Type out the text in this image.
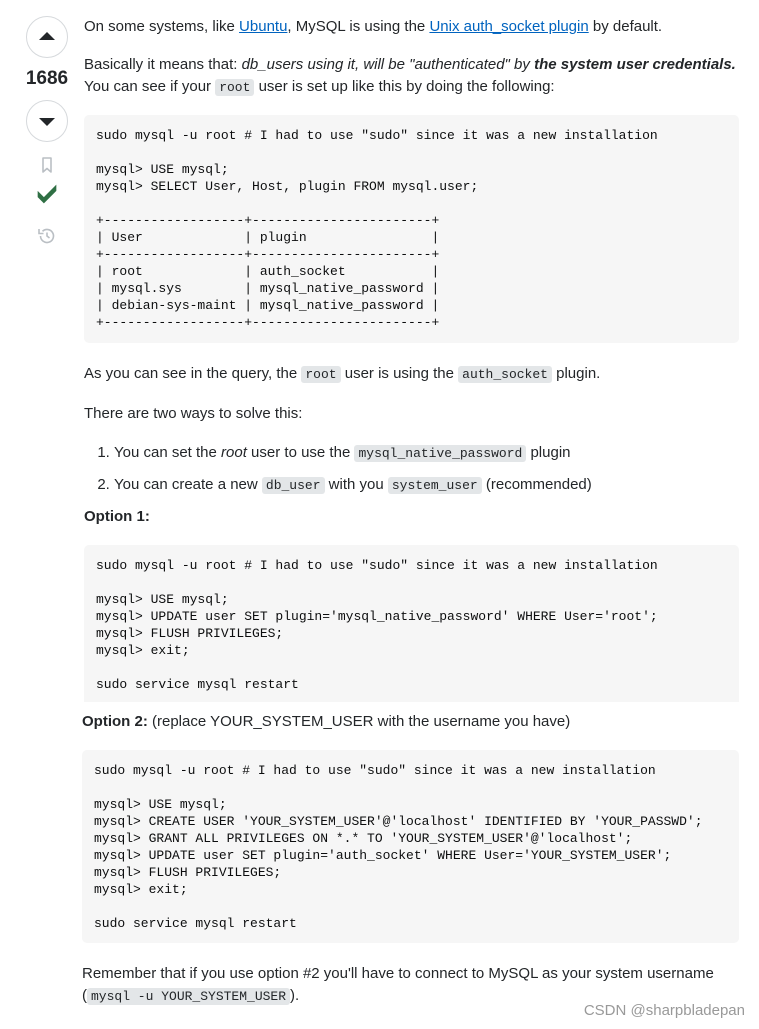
1686

On some systems, like Ubuntu, MySQL is using the Unix auth_socket plugin by default.

Basically it means that: db_users using it, will be "authenticated" by the system user credentials.
You can see if your root user is set up like this by doing the following:

sudo mysql -u root # I had to use "sudo" since it was a new installation

mysql> USE mysql;
mysql> SELECT User, Host, plugin FROM mysql.user;

+------------------+-----------------------+
| User             | plugin                |
+------------------+-----------------------+
| root             | auth_socket           |
| mysql.sys        | mysql_native_password |
| debian-sys-maint | mysql_native_password |
+------------------+-----------------------+

As you can see in the query, the root user is using the auth_socket plugin.

There are two ways to solve this:

1. You can set the root user to use the mysql_native_password plugin
2. You can create a new db_user with you system_user (recommended)

Option 1:

sudo mysql -u root # I had to use "sudo" since it was a new installation

mysql> USE mysql;
mysql> UPDATE user SET plugin='mysql_native_password' WHERE User='root';
mysql> FLUSH PRIVILEGES;
mysql> exit;

sudo service mysql restart

Option 2: (replace YOUR_SYSTEM_USER with the username you have)

sudo mysql -u root # I had to use "sudo" since it was a new installation

mysql> USE mysql;
mysql> CREATE USER 'YOUR_SYSTEM_USER'@'localhost' IDENTIFIED BY 'YOUR_PASSWD';
mysql> GRANT ALL PRIVILEGES ON *.* TO 'YOUR_SYSTEM_USER'@'localhost';
mysql> UPDATE user SET plugin='auth_socket' WHERE User='YOUR_SYSTEM_USER';
mysql> FLUSH PRIVILEGES;
mysql> exit;

sudo service mysql restart

Remember that if you use option #2 you'll have to connect to MySQL as your system username
( mysql -u YOUR_SYSTEM_USER ).

CSDN @sharpbladepan
